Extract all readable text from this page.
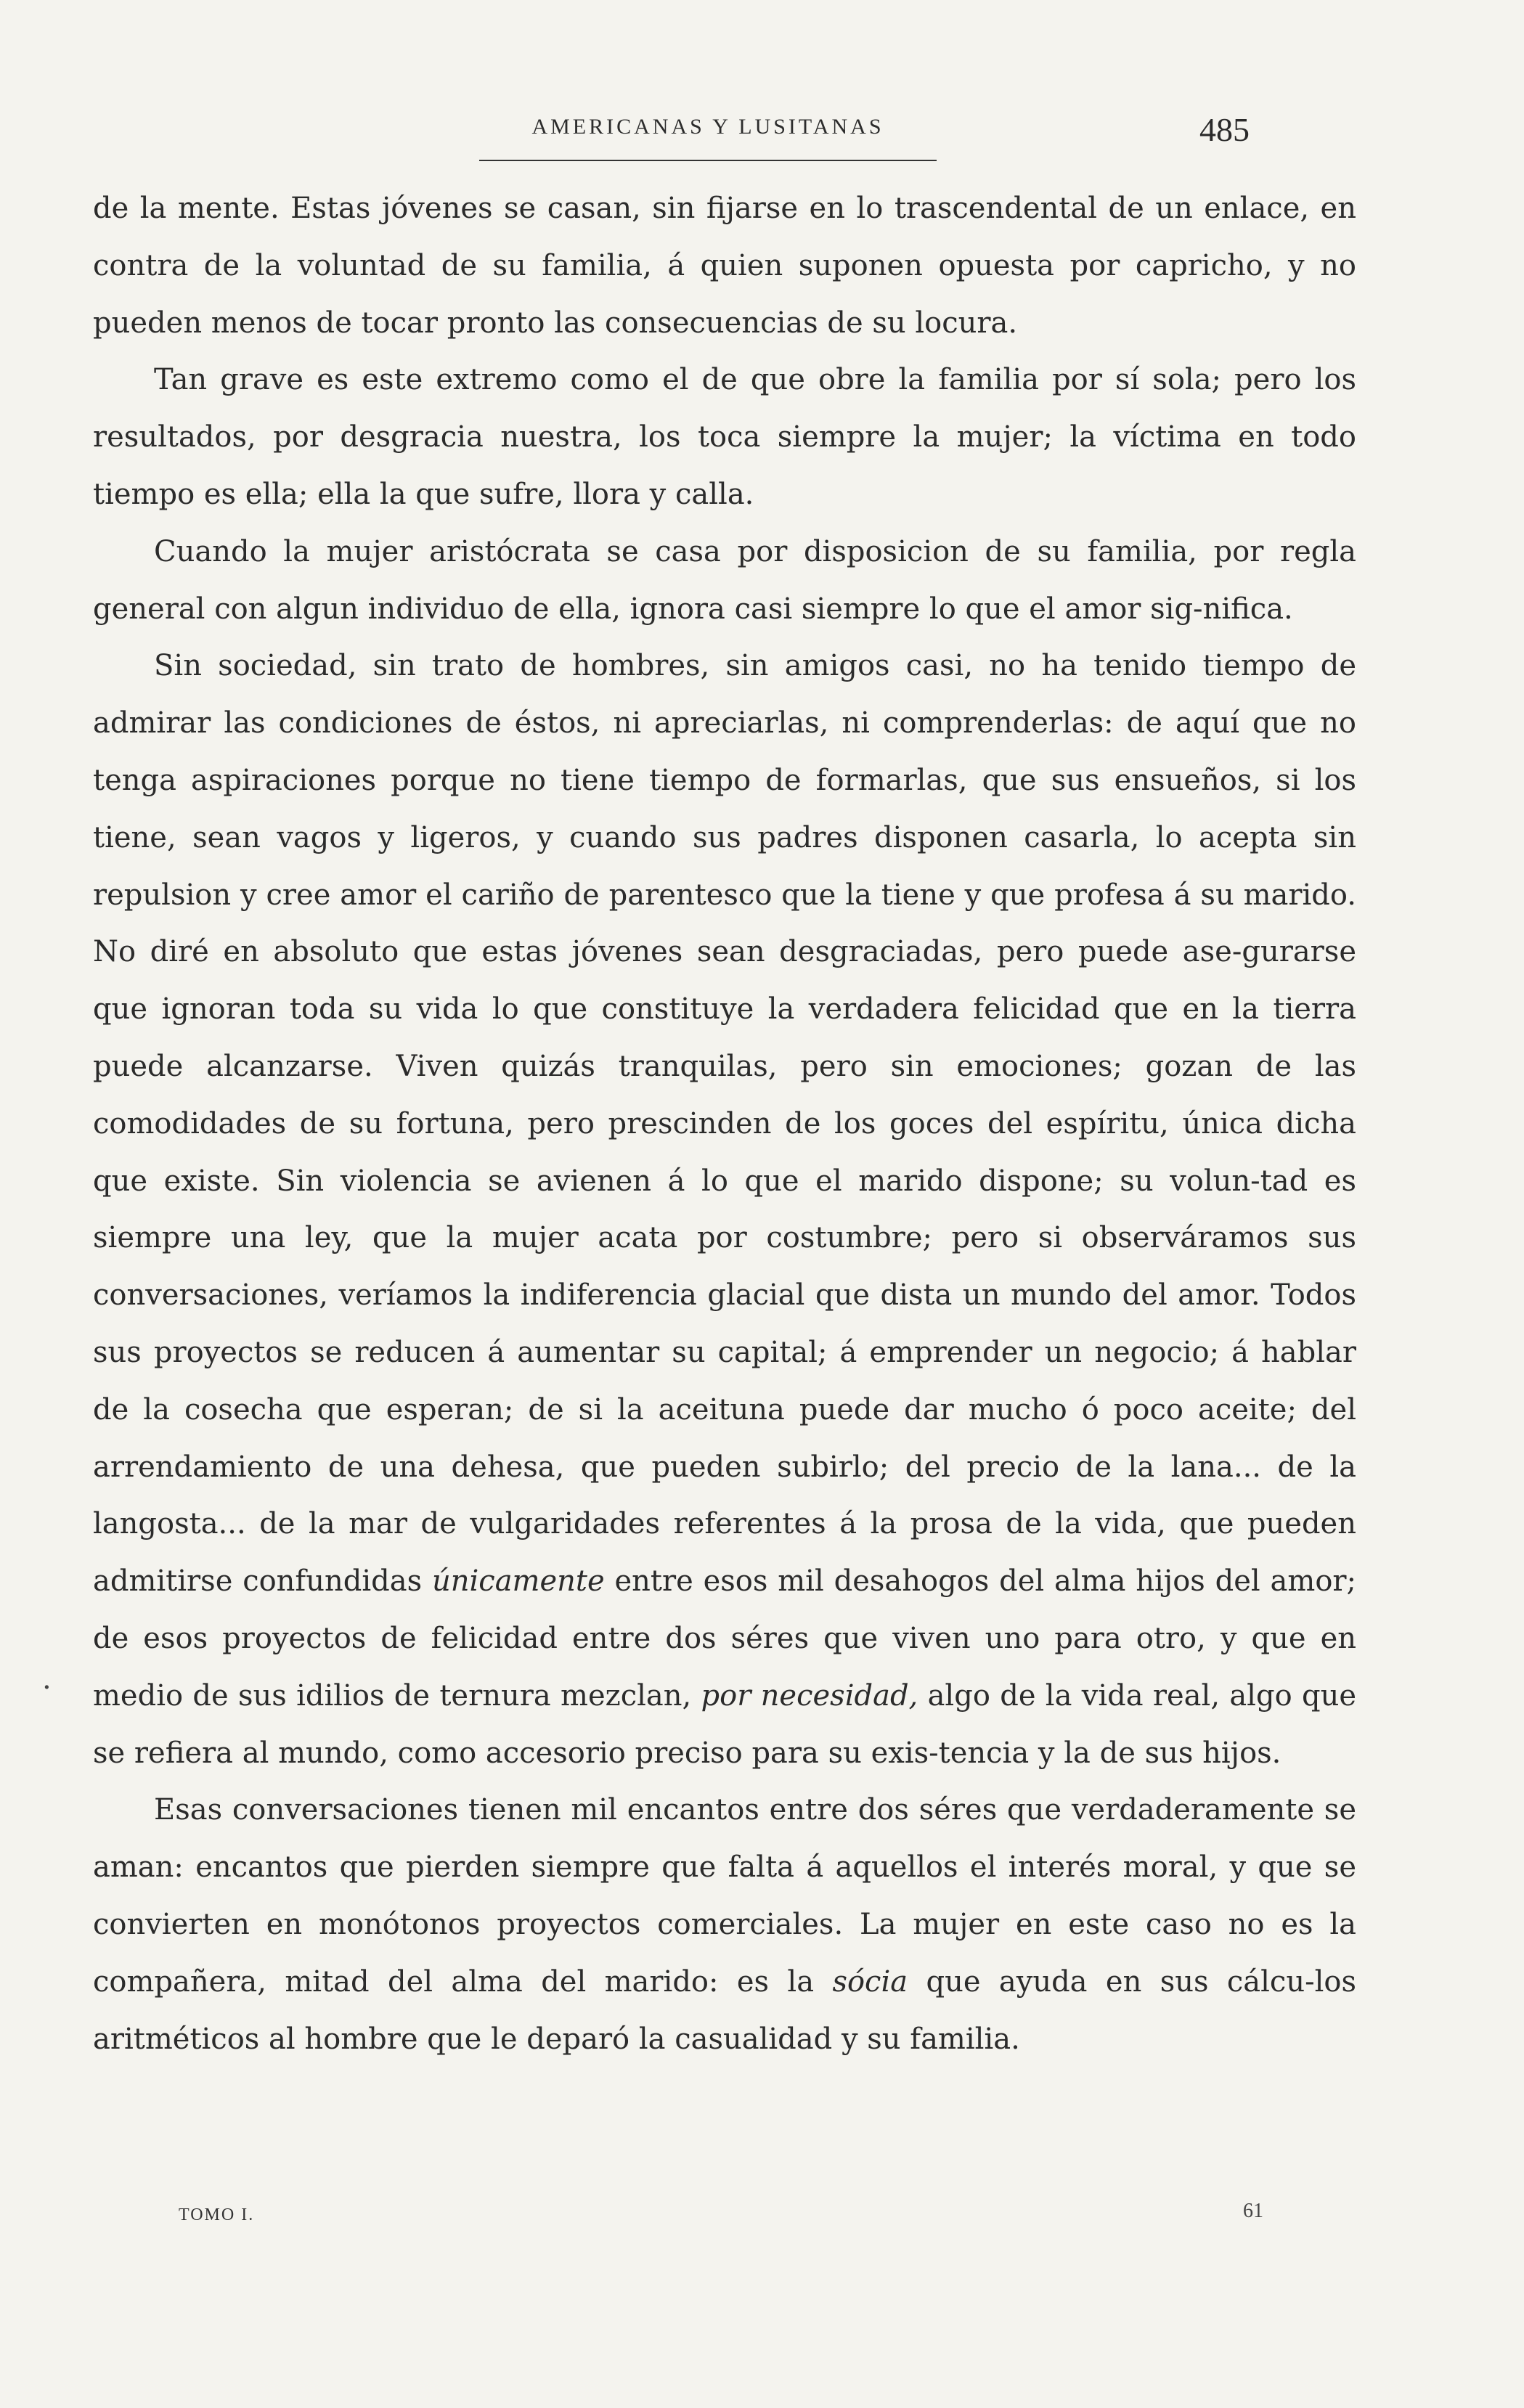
AMERICANAS Y LUSITANAS	485

de la mente. Estas jóvenes se casan, sin fijarse en lo trascendental de un enlace, en contra de la voluntad de su familia, á quien suponen opuesta por capricho, y no pueden menos de tocar pronto las consecuencias de su locura.

Tan grave es este extremo como el de que obre la familia por sí sola; pero los resultados, por desgracia nuestra, los toca siempre la mujer; la víctima en todo tiempo es ella; ella la que sufre, llora y calla.

Cuando la mujer aristócrata se casa por disposicion de su familia, por regla general con algun individuo de ella, ignora casi siempre lo que el amor sig-nifica.

Sin sociedad, sin trato de hombres, sin amigos casi, no ha tenido tiempo de admirar las condiciones de éstos, ni apreciarlas, ni comprenderlas: de aquí que no tenga aspiraciones porque no tiene tiempo de formarlas, que sus ensueños, si los tiene, sean vagos y ligeros, y cuando sus padres disponen casarla, lo acepta sin repulsion y cree amor el cariño de parentesco que la tiene y que profesa á su marido. No diré en absoluto que estas jóvenes sean desgraciadas, pero puede ase-gurarse que ignoran toda su vida lo que constituye la verdadera felicidad que en la tierra puede alcanzarse. Viven quizás tranquilas, pero sin emociones; gozan de las comodidades de su fortuna, pero prescinden de los goces del espíritu, única dicha que existe. Sin violencia se avienen á lo que el marido dispone; su volun-tad es siempre una ley, que la mujer acata por costumbre; pero si observáramos sus conversaciones, veríamos la indiferencia glacial que dista un mundo del amor. Todos sus proyectos se reducen á aumentar su capital; á emprender un negocio; á hablar de la cosecha que esperan; de si la aceituna puede dar mucho ó poco aceite; del arrendamiento de una dehesa, que pueden subirlo; del precio de la lana... de la langosta... de la mar de vulgaridades referentes á la prosa de la vida, que pueden admitirse confundidas únicamente entre esos mil desahogos del alma hijos del amor; de esos proyectos de felicidad entre dos séres que viven uno para otro, y que en medio de sus idilios de ternura mezclan, por necesidad, algo de la vida real, algo que se refiera al mundo, como accesorio preciso para su exis-tencia y la de sus hijos.

Esas conversaciones tienen mil encantos entre dos séres que verdaderamente se aman: encantos que pierden siempre que falta á aquellos el interés moral, y que se convierten en monótonos proyectos comerciales. La mujer en este caso no es la compañera, mitad del alma del marido: es la sócia que ayuda en sus cálcu-los aritméticos al hombre que le deparó la casualidad y su familia.

.
TOMO I.	61
